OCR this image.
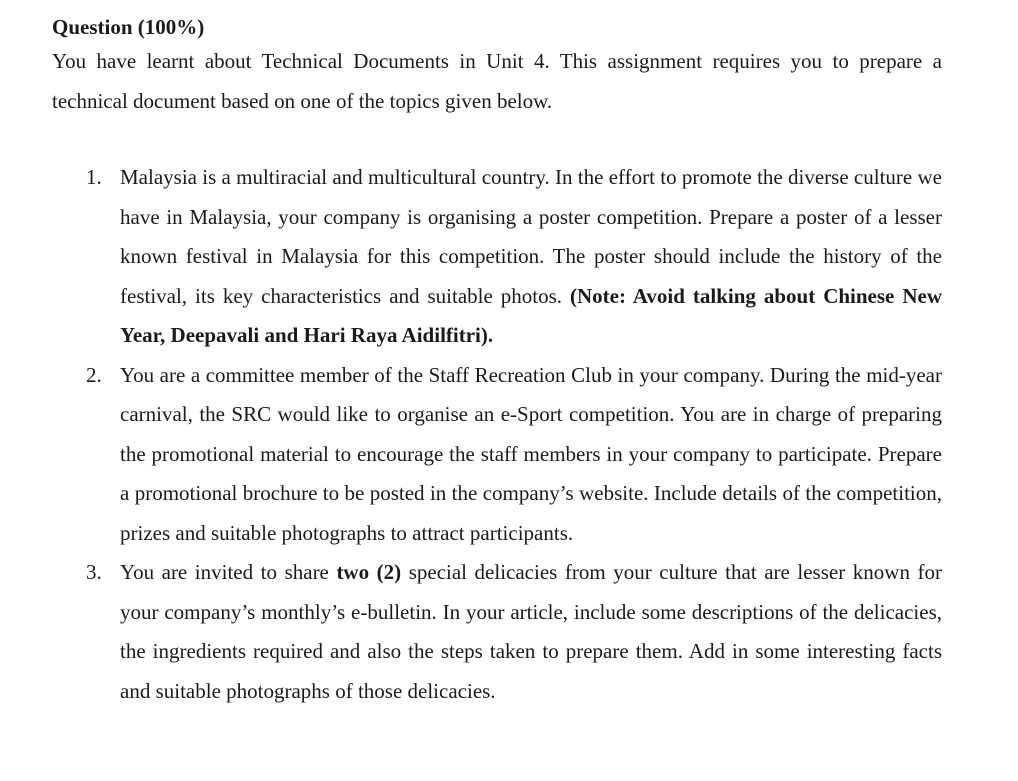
Question (100%)

You have learnt about Technical Documents in Unit 4. This assignment requires you to prepare a technical document based on one of the topics given below.

1. Malaysia is a multiracial and multicultural country. In the effort to promote the diverse culture we have in Malaysia, your company is organising a poster competition. Prepare a poster of a lesser known festival in Malaysia for this competition. The poster should include the history of the festival, its key characteristics and suitable photos. (Note: Avoid talking about Chinese New Year, Deepavali and Hari Raya Aidilfitri).
2. You are a committee member of the Staff Recreation Club in your company. During the mid-year carnival, the SRC would like to organise an e-Sport competition. You are in charge of preparing the promotional material to encourage the staff members in your company to participate. Prepare a promotional brochure to be posted in the company’s website. Include details of the competition, prizes and suitable photographs to attract participants.
3. You are invited to share two (2) special delicacies from your culture that are lesser known for your company’s monthly’s e-bulletin. In your article, include some descriptions of the delicacies, the ingredients required and also the steps taken to prepare them. Add in some interesting facts and suitable photographs of those delicacies.
